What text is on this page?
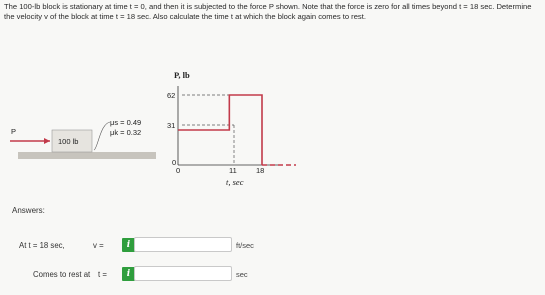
The 100-lb block is stationary at time t = 0, and then it is subjected to the force P shown. Note that the force is zero for all times beyond t = 18 sec. Determine the velocity v of the block at time t = 18 sec. Also calculate the time t at which the block again comes to rest.
P
100 lb
μs = 0.49
μk = 0.32
P, lb
62
31
0
0	11	18
t, sec
Answers:
At t = 18 sec,	v =	i	ft/sec
Comes to rest at t =	i	sec
